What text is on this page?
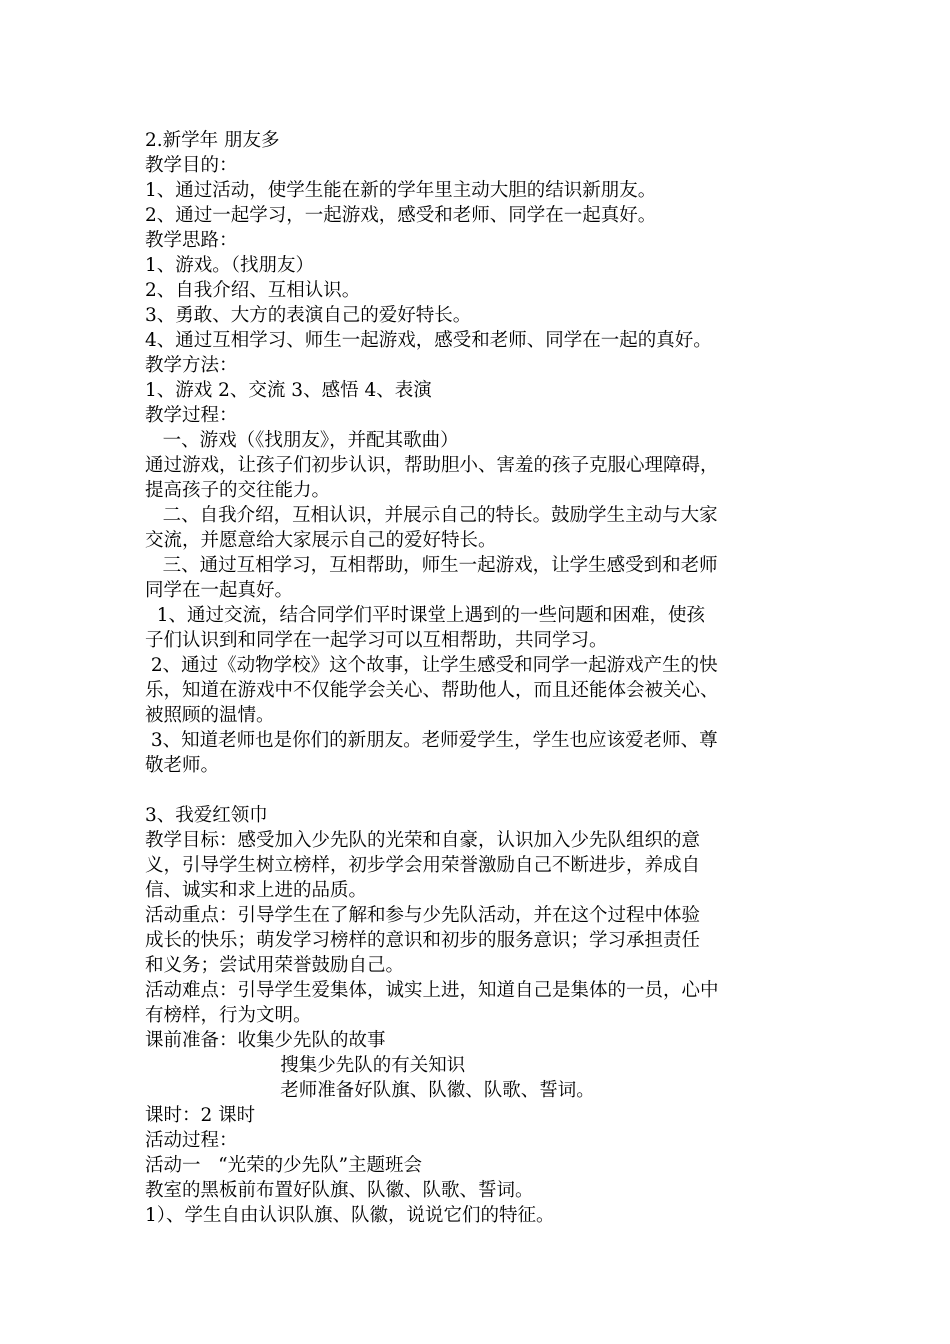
2.新学年 朋友多
教学目的：
1、通过活动，使学生能在新的学年里主动大胆的结识新朋友。
2、通过一起学习，一起游戏，感受和老师、同学在一起真好。
教学思路：
1、游戏。（找朋友）
2、自我介绍、互相认识。
3、勇敢、大方的表演自己的爱好特长。
4、通过互相学习、师生一起游戏，感受和老师、同学在一起的真好。
教学方法：
1、游戏 2、交流 3、感悟 4、表演
教学过程：
一、游戏（《找朋友》，并配其歌曲）
通过游戏，让孩子们初步认识，帮助胆小、害羞的孩子克服心理障碍，
提高孩子的交往能力。
二、自我介绍，互相认识，并展示自己的特长。鼓励学生主动与大家
交流，并愿意给大家展示自己的爱好特长。
三、通过互相学习，互相帮助，师生一起游戏，让学生感受到和老师
同学在一起真好。
1、通过交流，结合同学们平时课堂上遇到的一些问题和困难，使孩
子们认识到和同学在一起学习可以互相帮助，共同学习。
2、通过《动物学校》这个故事，让学生感受和同学一起游戏产生的快
乐，知道在游戏中不仅能学会关心、帮助他人，而且还能体会被关心、
被照顾的温情。
3、知道老师也是你们的新朋友。老师爱学生，学生也应该爱老师、尊
敬老师。
3、我爱红领巾
教学目标：感受加入少先队的光荣和自豪，认识加入少先队组织的意
义，引导学生树立榜样，初步学会用荣誉激励自己不断进步，养成自
信、诚实和求上进的品质。
活动重点：引导学生在了解和参与少先队活动，并在这个过程中体验
成长的快乐；萌发学习榜样的意识和初步的服务意识；学习承担责任
和义务；尝试用荣誉鼓励自己。
活动难点：引导学生爱集体，诚实上进，知道自己是集体的一员，心中
有榜样，行为文明。
课前准备：收集少先队的故事
搜集少先队的有关知识
老师准备好队旗、队徽、队歌、誓词。
课时：2 课时
活动过程：
活动一   “光荣的少先队”主题班会
教室的黑板前布置好队旗、队徽、队歌、誓词。
1）、学生自由认识队旗、队徽，说说它们的特征。
